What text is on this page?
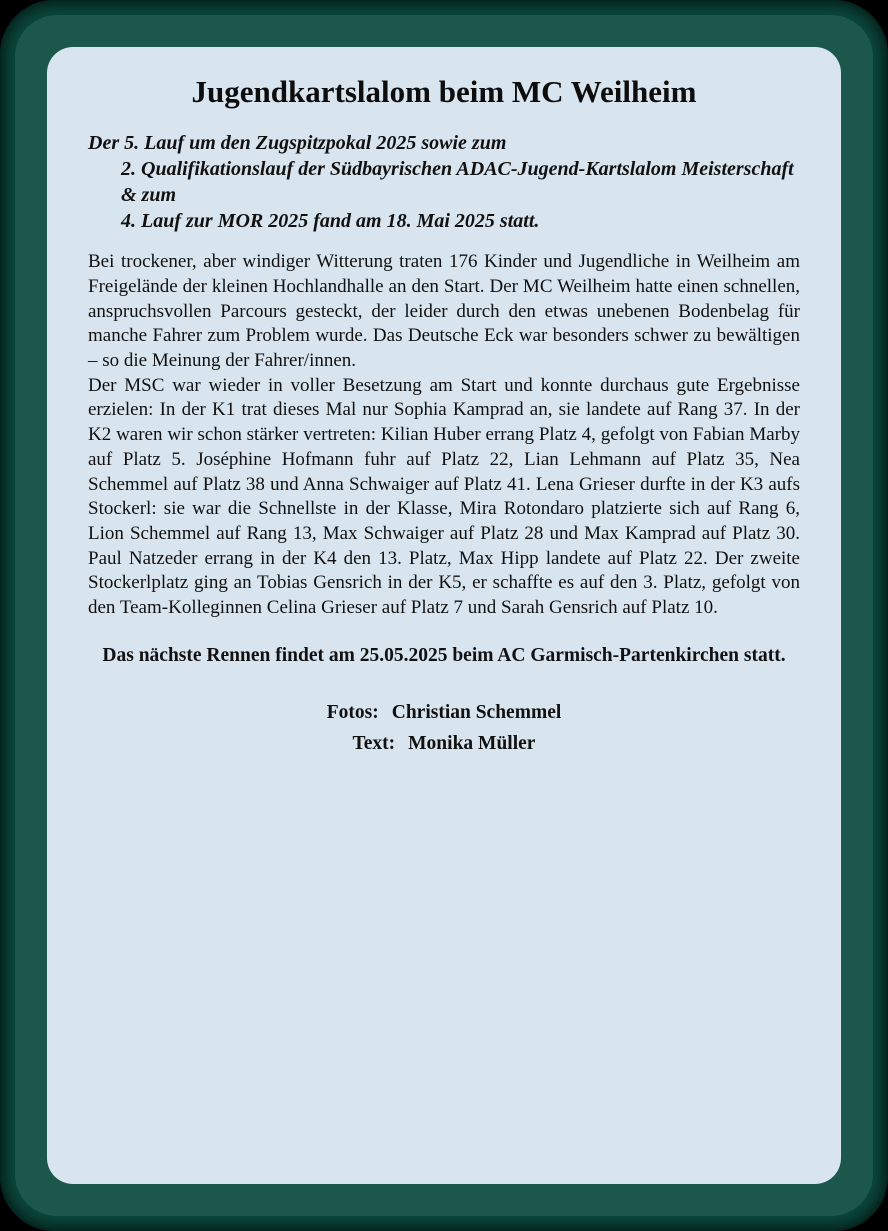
Jugendkartslalom beim MC Weilheim
Der 5. Lauf um den Zugspitzpokal 2025 sowie zum
2. Qualifikationslauf der Südbayrischen ADAC-Jugend-Kartslalom Meisterschaft & zum
4. Lauf zur MOR 2025 fand am 18. Mai 2025 statt.

Bei trockener, aber windiger Witterung traten 176 Kinder und Jugendliche in Weilheim am Freigelände der kleinen Hochlandhalle an den Start. Der MC Weilheim hatte einen schnellen, anspruchsvollen Parcours gesteckt, der leider durch den etwas unebenen Bodenbelag für manche Fahrer zum Problem wurde. Das Deutsche Eck war besonders schwer zu bewältigen – so die Meinung der Fahrer/innen.

Der MSC war wieder in voller Besetzung am Start und konnte durchaus gute Ergebnisse erzielen: In der K1 trat dieses Mal nur Sophia Kamprad an, sie landete auf Rang 37. In der K2 waren wir schon stärker vertreten: Kilian Huber errang Platz 4, gefolgt von Fabian Marby auf Platz 5. Joséphine Hofmann fuhr auf Platz 22, Lian Lehmann auf Platz 35, Nea Schemmel auf Platz 38 und Anna Schwaiger auf Platz 41. Lena Grieser durfte in der K3 aufs Stockerl: sie war die Schnellste in der Klasse, Mira Rotondaro platzierte sich auf Rang 6, Lion Schemmel auf Rang 13, Max Schwaiger auf Platz 28 und Max Kamprad auf Platz 30. Paul Natzeder errang in der K4 den 13. Platz, Max Hipp landete auf Platz 22. Der zweite Stockerlplatz ging an Tobias Gensrich in der K5, er schaffte es auf den 3. Platz, gefolgt von den Team-Kolleginnen Celina Grieser auf Platz 7 und Sarah Gensrich auf Platz 10.

Das nächste Rennen findet am 25.05.2025 beim AC Garmisch-Partenkirchen statt.
Fotos: Christian Schemmel
Text: Monika Müller
